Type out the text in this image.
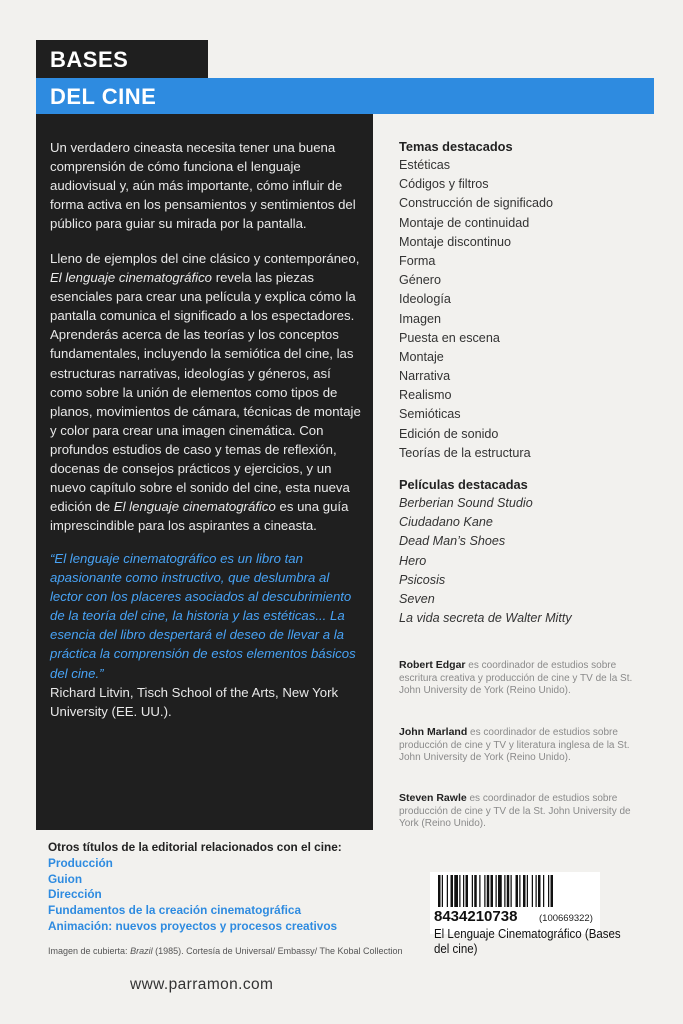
BASES
DEL CINE

Un verdadero cineasta necesita tener una buena comprensión de cómo funciona el lenguaje audiovisual y, aún más importante, cómo influir de forma activa en los pensamientos y sentimientos del público para guiar su mirada por la pantalla.

Lleno de ejemplos del cine clásico y contemporáneo, El lenguaje cinematográfico revela las piezas esenciales para crear una película y explica cómo la pantalla comunica el significado a los espectadores. Aprenderás acerca de las teorías y los conceptos fundamentales, incluyendo la semiótica del cine, las estructuras narrativas, ideologías y géneros, así como sobre la unión de elementos como tipos de planos, movimientos de cámara, técnicas de montaje y color para crear una imagen cinemática. Con profundos estudios de caso y temas de reflexión, docenas de consejos prácticos y ejercicios, y un nuevo capítulo sobre el sonido del cine, esta nueva edición de El lenguaje cinematográfico es una guía imprescindible para los aspirantes a cineasta.

“El lenguaje cinematográfico es un libro tan apasionante como instructivo, que deslumbra al lector con los placeres asociados al descubrimiento de la teoría del cine, la historia y las estéticas... La esencia del libro despertará el deseo de llevar a la práctica la comprensión de estos elementos básicos del cine.”

Richard Litvin, Tisch School of the Arts, New York University (EE. UU.).

Temas destacados
Estéticas
Códigos y filtros
Construcción de significado
Montaje de continuidad
Montaje discontinuo
Forma
Género
Ideología
Imagen
Puesta en escena
Montaje
Narrativa
Realismo
Semióticas
Edición de sonido
Teorías de la estructura
Películas destacadas
Berberian Sound Studio
Ciudadano Kane
Dead Man’s Shoes
Hero
Psicosis
Seven
La vida secreta de Walter Mitty
Robert Edgar es coordinador de estudios sobre escritura creativa y producción de cine y TV de la St. John University de York (Reino Unido).
John Marland es coordinador de estudios sobre producción de cine y TV y literatura inglesa de la St. John University de York (Reino Unido).
Steven Rawle es coordinador de estudios sobre producción de cine y TV de la St. John University de York (Reino Unido).
Otros títulos de la editorial relacionados con el cine:
Producción
Guion
Dirección
Fundamentos de la creación cinematográfica
Animación: nuevos proyectos y procesos creativos
Imagen de cubierta: Brazil (1985). Cortesía de Universal/ Embassy/ The Kobal Collection
www.parramon.com
8434210738 (100669322)
El Lenguaje Cinematográfico (Bases del cine)
